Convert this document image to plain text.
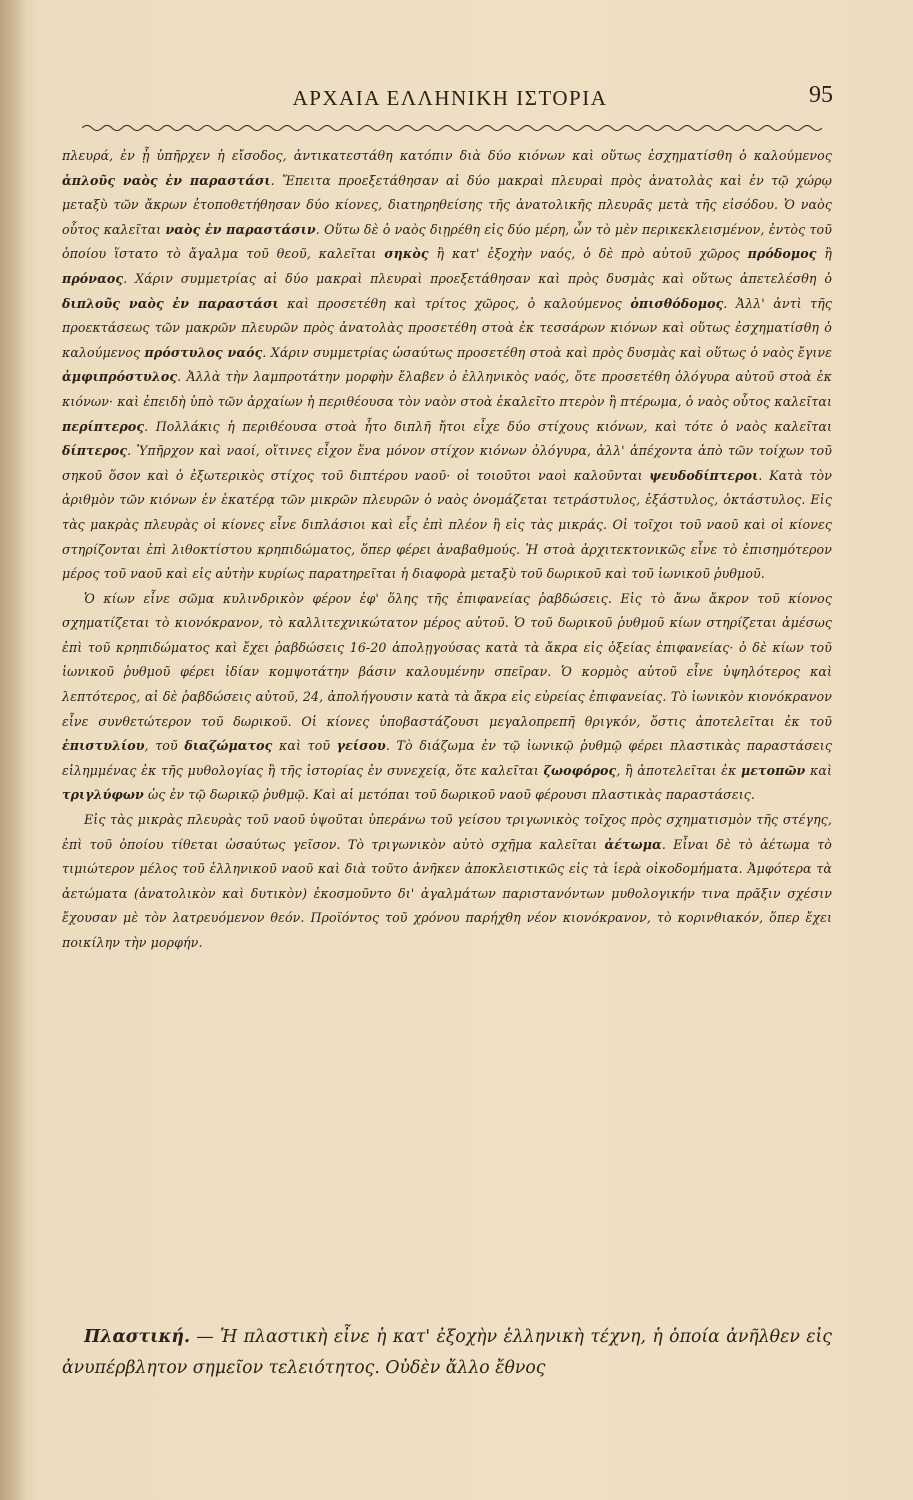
ΑΡΧΑΙΑ ΕΛΛΗΝΙΚΗ ΙΣΤΟΡΙΑ	95

πλευρά, ἐν ᾗ ὑπῆρχεν ἡ εἴσοδος, ἀντικατεστάθη κατόπιν διὰ δύο κιόνων καὶ οὕτως ἐσχηματίσθη ὁ καλούμενος ἁπλοῦς ναὸς ἐν παραστάσι. Ἔπειτα προεξετάθησαν αἱ δύο μακραὶ πλευραὶ πρὸς ἀνατολὰς καὶ ἐν τῷ χώρῳ μεταξὺ τῶν ἄκρων ἐτοποθετήθησαν δύο κίονες, διατηρηθείσης τῆς ἀνατολικῆς πλευρᾶς μετὰ τῆς εἰσόδου. Ὁ ναὸς οὗτος καλεῖται ναὸς ἐν παραστάσιν. Οὕτω δὲ ὁ ναὸς διῃρέθη εἰς δύο μέρη, ὧν τὸ μὲν περικεκλεισμένον, ἐντὸς τοῦ ὁποίου ἵστατο τὸ ἄγαλμα τοῦ θεοῦ, καλεῖται σηκὸς ἢ κατ' ἐξοχὴν ναός, ὁ δὲ πρὸ αὐτοῦ χῶρος πρόδομος ἢ πρόναος. Χάριν συμμετρίας αἱ δύο μακραὶ πλευραὶ προεξετάθησαν καὶ πρὸς δυσμὰς καὶ οὕτως ἀπετελέσθη ὁ διπλοῦς ναὸς ἐν παραστάσι καὶ προσετέθη καὶ τρίτος χῶρος, ὁ καλούμενος ὀπισθόδομος. Ἀλλ' ἀντὶ τῆς προεκτάσεως τῶν μακρῶν πλευρῶν πρὸς ἀνατολὰς προσετέθη στοὰ ἐκ τεσσάρων κιόνων καὶ οὕτως ἐσχηματίσθη ὁ καλούμενος πρόστυλος ναός. Χάριν συμμετρίας ὡσαύτως προσετέθη στοὰ καὶ πρὸς δυσμὰς καὶ οὕτως ὁ ναὸς ἔγινε ἀμφιπρόστυλος. Ἀλλὰ τὴν λαμπροτάτην μορφὴν ἔλαβεν ὁ ἑλληνικὸς ναός, ὅτε προσετέθη ὁλόγυρα αὐτοῦ στοὰ ἐκ κιόνων· καὶ ἐπειδὴ ὑπὸ τῶν ἀρχαίων ἡ περιθέουσα τὸν ναὸν στοὰ ἐκαλεῖτο πτερὸν ἢ πτέρωμα, ὁ ναὸς οὗτος καλεῖται περίπτερος. Πολλάκις ἡ περιθέουσα στοὰ ἦτο διπλῆ ἤτοι εἶχε δύο στίχους κιόνων, καὶ τότε ὁ ναὸς καλεῖται δίπτερος. Ὑπῆρχον καὶ ναοί, οἵτινες εἶχον ἕνα μόνον στίχον κιόνων ὁλόγυρα, ἀλλ' ἀπέχοντα ἀπὸ τῶν τοίχων τοῦ σηκοῦ ὅσον καὶ ὁ ἐξωτερικὸς στίχος τοῦ διπτέρου ναοῦ· οἱ τοιοῦτοι ναοὶ καλοῦνται ψευδοδίπτεροι. Κατὰ τὸν ἀριθμὸν τῶν κιόνων ἐν ἑκατέρᾳ τῶν μικρῶν πλευρῶν ὁ ναὸς ὀνομάζεται τετράστυλος, ἑξάστυλος, ὀκτάστυλος. Εἰς τὰς μακρὰς πλευρὰς οἱ κίονες εἶνε διπλάσιοι καὶ εἷς ἐπὶ πλέον ἢ εἰς τὰς μικράς. Οἱ τοῖχοι τοῦ ναοῦ καὶ οἱ κίονες στηρίζονται ἐπὶ λιθοκτίστου κρηπιδώματος, ὅπερ φέρει ἀναβαθμούς. Ἡ στοὰ ἀρχιτεκτονικῶς εἶνε τὸ ἐπισημότερον μέρος τοῦ ναοῦ καὶ εἰς αὐτὴν κυρίως παρατηρεῖται ἡ διαφορὰ μεταξὺ τοῦ δωρικοῦ καὶ τοῦ ἰωνικοῦ ῥυθμοῦ.

Ὁ κίων εἶνε σῶμα κυλινδρικὸν φέρον ἐφ' ὅλης τῆς ἐπιφανείας ῥαβδώσεις. Εἰς τὸ ἄνω ἄκρον τοῦ κίονος σχηματίζεται τὸ κιονόκρανον, τὸ καλλιτεχνικώτατον μέρος αὐτοῦ. Ὁ τοῦ δωρικοῦ ῥυθμοῦ κίων στηρίζεται ἀμέσως ἐπὶ τοῦ κρηπιδώματος καὶ ἔχει ῥαβδώσεις 16-20 ἀπολῃγούσας κατὰ τὰ ἄκρα εἰς ὀξείας ἐπιφανείας· ὁ δὲ κίων τοῦ ἰωνικοῦ ῥυθμοῦ φέρει ἰδίαν κομψοτάτην βάσιν καλουμένην σπεῖραν. Ὁ κορμὸς αὐτοῦ εἶνε ὑψηλότερος καὶ λεπτότερος, αἱ δὲ ῥαβδώσεις αὐτοῦ, 24, ἀπολήγουσιν κατὰ τὰ ἄκρα εἰς εὐρείας ἐπιφανείας. Τὸ ἰωνικὸν κιονόκρανον εἶνε συνθετώτερον τοῦ δωρικοῦ. Οἱ κίονες ὑποβαστάζουσι μεγαλοπρεπῆ θριγκόν, ὅστις ἀποτελεῖται ἐκ τοῦ ἐπιστυλίου, τοῦ διαζώματος καὶ τοῦ γείσου. Τὸ διάζωμα ἐν τῷ ἰωνικῷ ῥυθμῷ φέρει πλαστικὰς παραστάσεις εἰλημμένας ἐκ τῆς μυθολογίας ἢ τῆς ἱστορίας ἐν συνεχείᾳ, ὅτε καλεῖται ζωοφόρος, ἢ ἀποτελεῖται ἐκ μετοπῶν καὶ τριγλύφων ὡς ἐν τῷ δωρικῷ ῥυθμῷ. Καὶ αἱ μετόπαι τοῦ δωρικοῦ ναοῦ φέρουσι πλαστικὰς παραστάσεις.

Εἰς τὰς μικρὰς πλευρὰς τοῦ ναοῦ ὑψοῦται ὑπεράνω τοῦ γείσου τριγωνικὸς τοῖχος πρὸς σχηματισμὸν τῆς στέγης, ἐπὶ τοῦ ὁποίου τίθεται ὡσαύτως γεῖσον. Τὸ τριγωνικὸν αὐτὸ σχῆμα καλεῖται ἀέτωμα. Εἶναι δὲ τὸ ἀέτωμα τὸ τιμιώτερον μέλος τοῦ ἑλληνικοῦ ναοῦ καὶ διὰ τοῦτο ἀνῆκεν ἀποκλειστικῶς εἰς τὰ ἱερὰ οἰκοδομήματα. Ἀμφότερα τὰ ἀετώματα (ἀνατολικὸν καὶ δυτικὸν) ἐκοσμοῦντο δι' ἀγαλμάτων παριστανόντων μυθολογικήν τινα πρᾶξιν σχέσιν ἔχουσαν μὲ τὸν λατρευόμενον θεόν. Προϊόντος τοῦ χρόνου παρήχθη νέον κιονόκρανον, τὸ κορινθιακόν, ὅπερ ἔχει ποικίλην τὴν μορφήν.

Πλαστική. — Ἡ πλαστικὴ εἶνε ἡ κατ' ἐξοχὴν ἑλληνικὴ τέχνη, ἡ ὁποία ἀνῆλθεν εἰς ἀνυπέρβλητον σημεῖον τελειότητος. Οὐδὲν ἄλλο ἔθνος
